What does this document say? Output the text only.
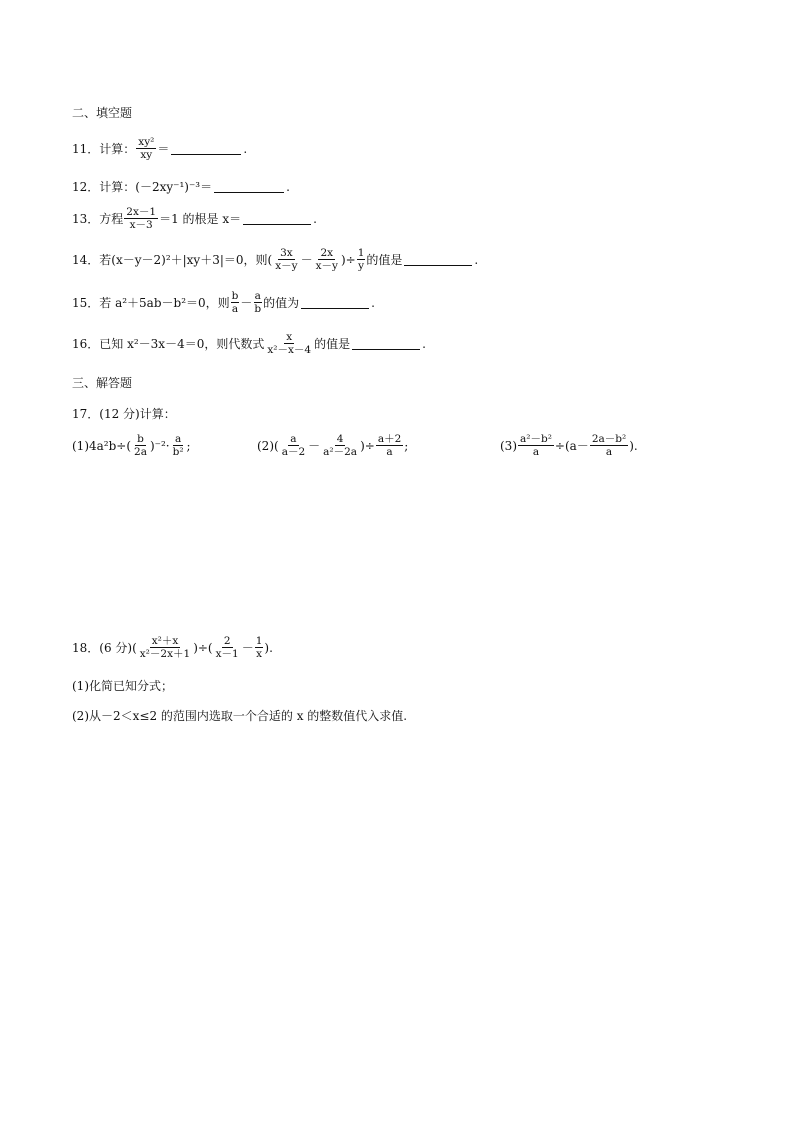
二、填空题
11．计算： $\frac{\text{xy²}}{xy}$ ＝	.
12．计算：(－2xy⁻¹)⁻³＝	.
13．方程 $\frac{2x-1}{x-3} =1$ 的根是 x＝	.
14．若(x－y－2)²＋|xy＋3|＝0，则( $\frac{3x}{x-y} - \frac{2x}{x-y}$ )÷ $\frac{1}{y}$ 的值是	.
15．若 a²＋5ab－b²＝0，则 $\frac{b}{a} - \frac{a}{b}$ 的值为	.
16．已知 x²－3x－4＝0，则代数式 $\frac{x}{\text{x²－x－4}}$ 的值是	.
三、解答题
17．(12 分)计算：
$(1)4a^2b\div( \frac{b}{2a} )^{-2}\cdot \frac{a}{\text{b²}}$ ;	$(2)( \frac{a}{a-2} - \frac{4}{\text{a²－2a}}$ )÷ $\frac{a+2}{a}$ ;	$(3) \frac{\text{a²－b²}}{a} \div(a- \frac{\text{2a－b²}}{a}$ ).
18．(6 分)( $\frac{\text{x²＋x}}{\text{x²－2x＋1}}$ )÷( $\frac{2}{x-1} - \frac{1}{x}$ ).
(1)化简已知分式；
(2)从－2＜x≤2 的范围内选取一个合适的 x 的整数值代入求值.
